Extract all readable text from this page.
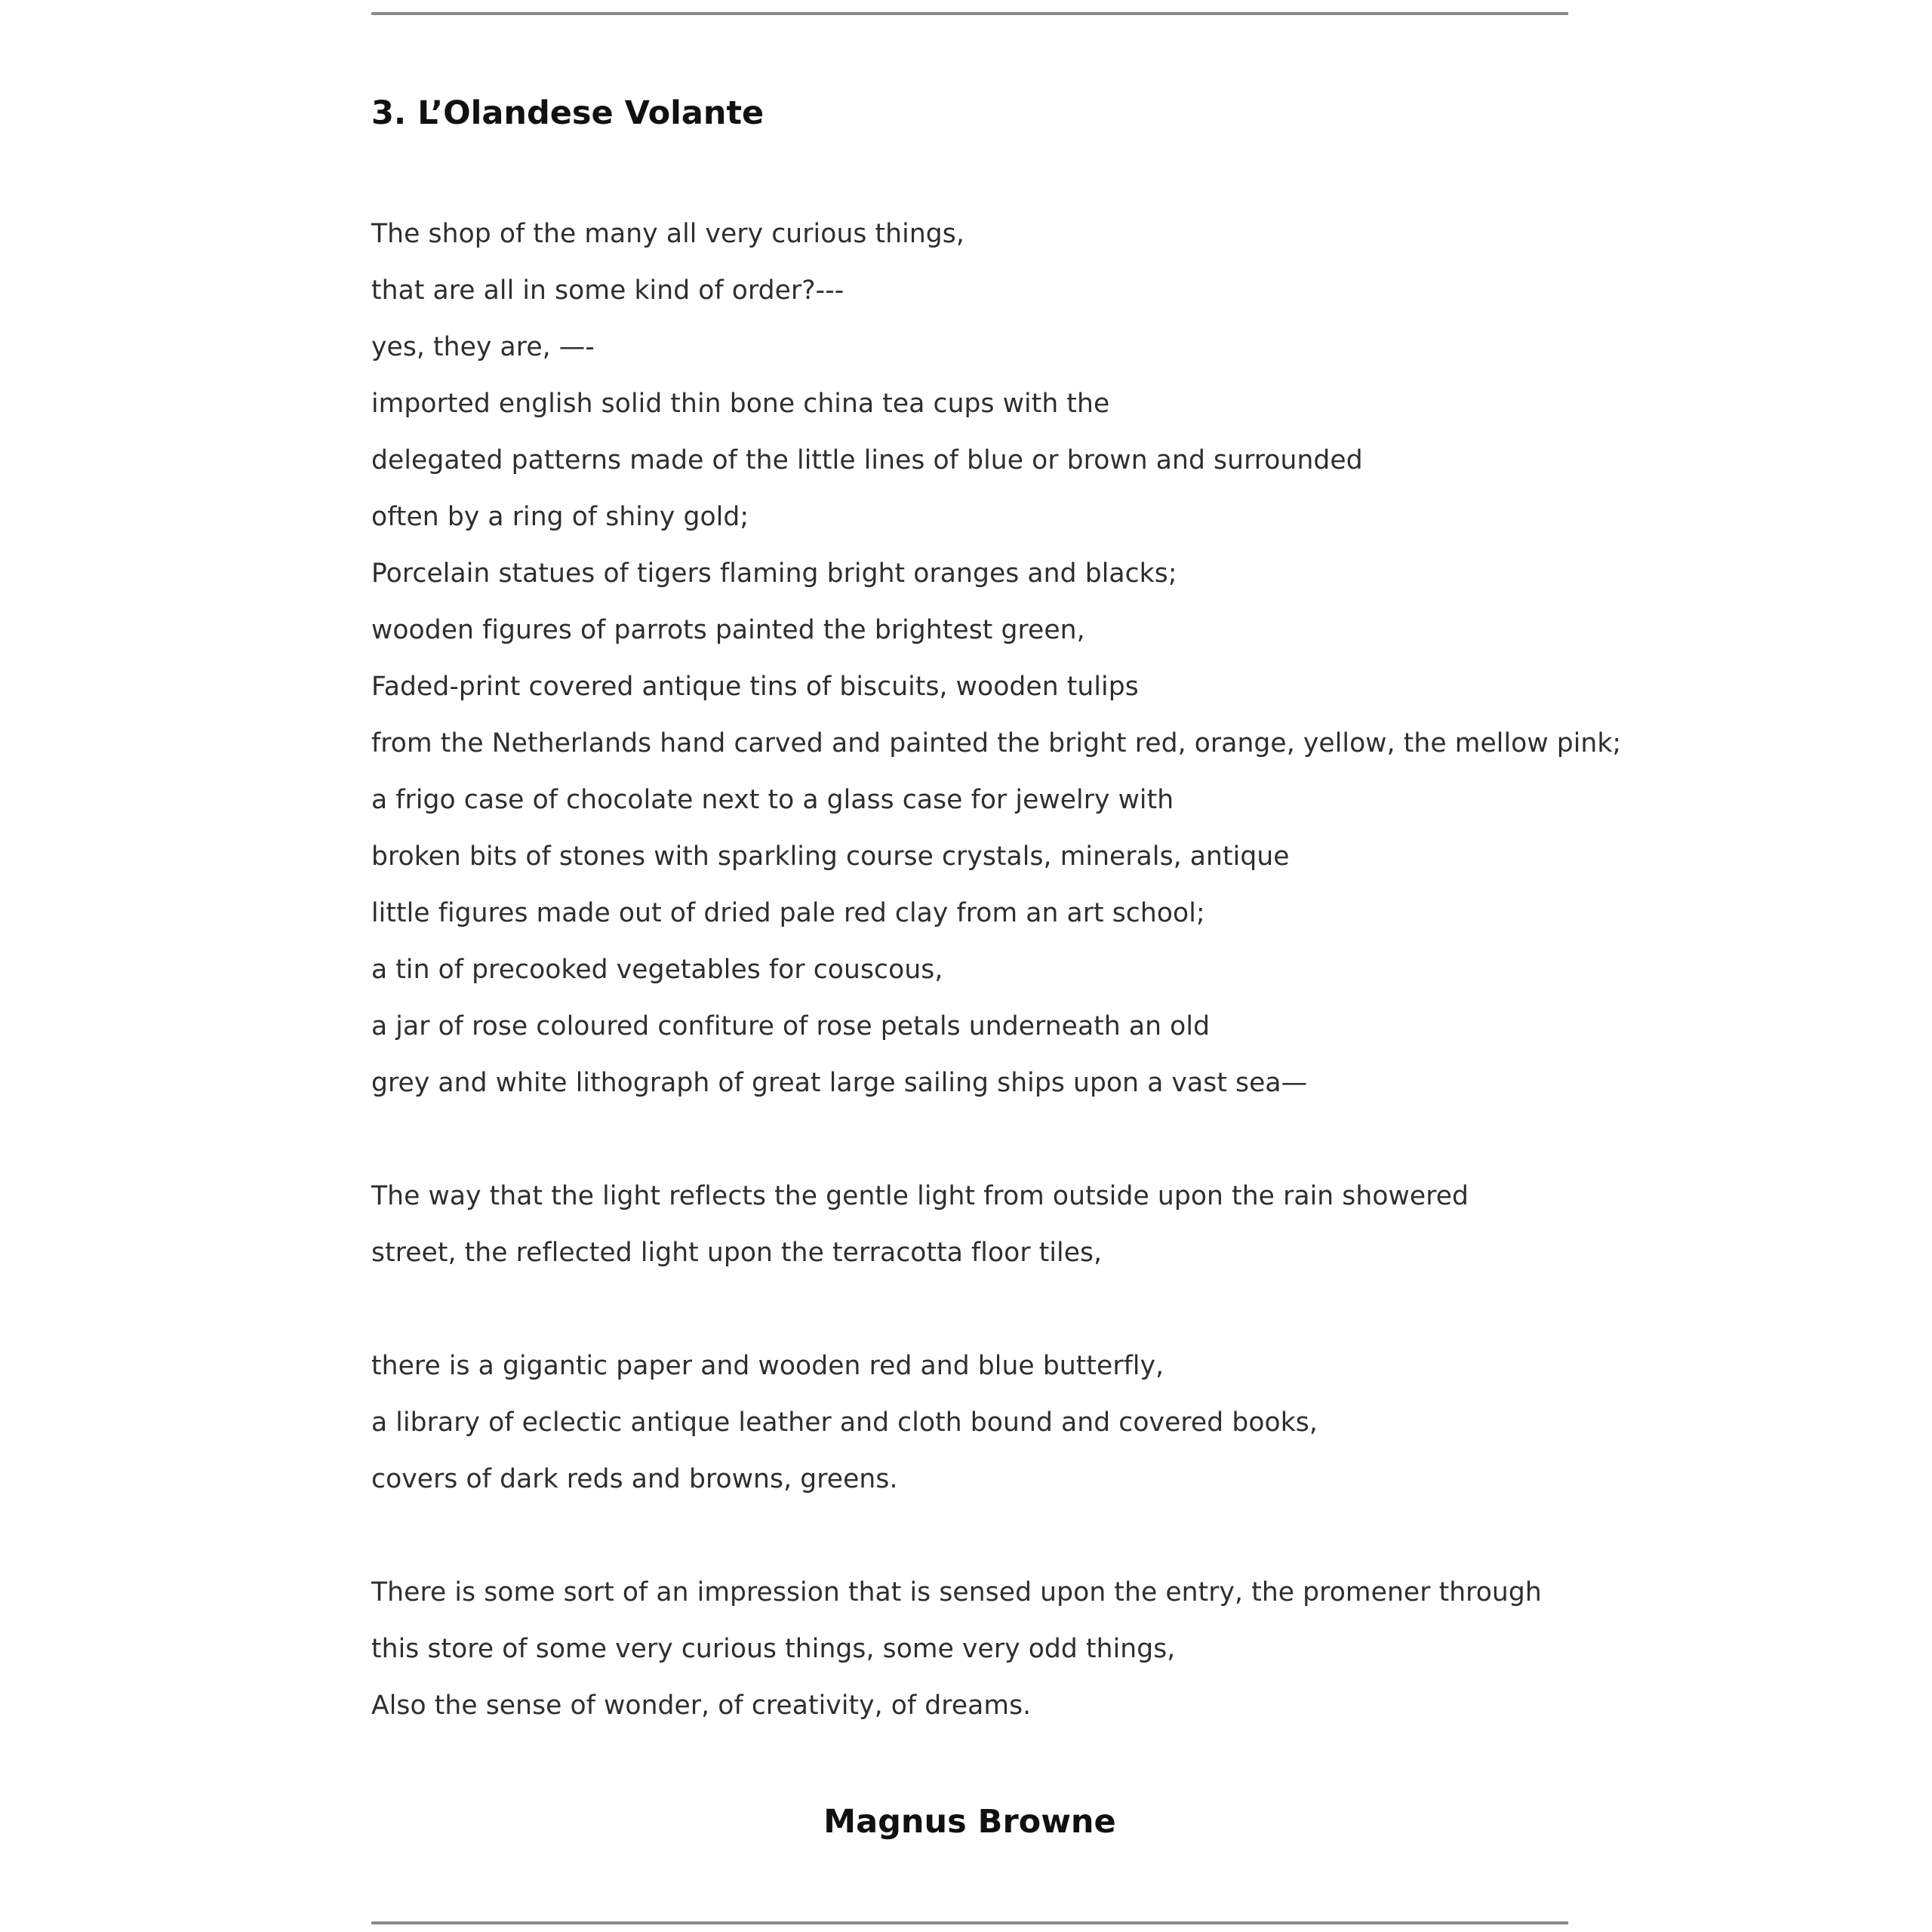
3. L’Olandese Volante
The shop of the many all very curious things,
that are all in some kind of order?---
yes, they are, —-
imported english solid thin bone china tea cups with the
delegated patterns made of the little lines of blue or brown and surrounded
often by a ring of shiny gold;
Porcelain statues of tigers flaming bright oranges and blacks;
wooden figures of parrots painted the brightest green,
Faded-print covered antique tins of biscuits, wooden tulips
from the Netherlands hand carved and painted the bright red, orange, yellow, the mellow pink;
a frigo case of chocolate next to a glass case for jewelry with
broken bits of stones with sparkling course crystals, minerals, antique
little figures made out of dried pale red clay from an art school;
a tin of precooked vegetables for couscous,
a jar of rose coloured confiture of rose petals underneath an old
grey and white lithograph of great large sailing ships upon a vast sea—
The way that the light reflects the gentle light from outside upon the rain showered
street, the reflected light upon the terracotta floor tiles,
there is a gigantic paper and wooden red and blue butterfly,
a library of eclectic antique leather and cloth bound and covered books,
covers of dark reds and browns, greens.
There is some sort of an impression that is sensed upon the entry, the promener through
this store of some very curious things, some very odd things,
Also the sense of wonder, of creativity, of dreams.

Magnus Browne
